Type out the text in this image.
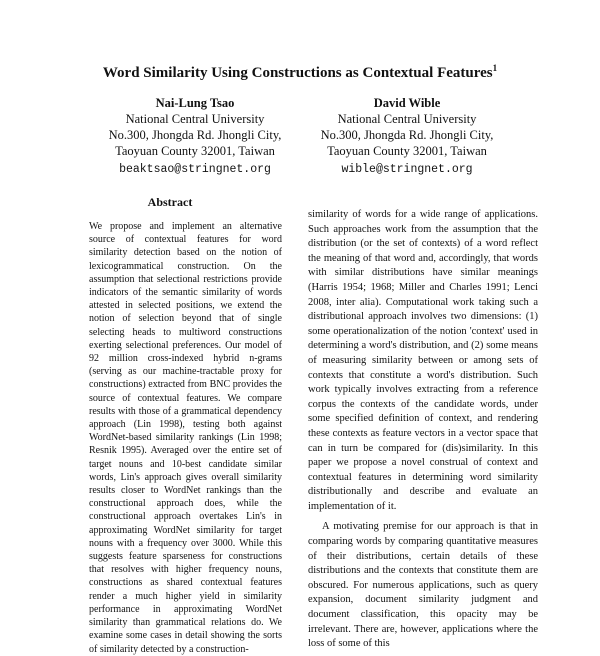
Word Similarity Using Constructions as Contextual Features$^1$
Nai-Lung Tsao
National Central University
No.300, Jhongda Rd. Jhongli City,
Taoyuan County 32001, Taiwan
beaktsao@stringnet.org
David Wible
National Central University
No.300, Jhongda Rd. Jhongli City,
Taoyuan County 32001, Taiwan
wible@stringnet.org
Abstract
We propose and implement an alternative source of contextual features for word similarity detection based on the notion of lexicogrammatical construction. On the assumption that selectional restrictions provide indicators of the semantic similarity of words attested in selected positions, we extend the notion of selection beyond that of single selecting heads to multiword constructions exerting selectional preferences. Our model of 92 million cross-indexed hybrid n-grams (serving as our machine-tractable proxy for constructions) extracted from BNC provides the source of contextual features. We compare results with those of a grammatical dependency approach (Lin 1998), testing both against WordNet-based similarity rankings (Lin 1998; Resnik 1995). Averaged over the entire set of target nouns and 10-best candidate similar words, Lin's approach gives overall similarity results closer to WordNet rankings than the constructional approach does, while the constructional approach overtakes Lin's in approximating WordNet similarity for target nouns with a frequency over 3000. While this suggests feature sparseness for constructions that resolves with higher frequency nouns, constructions as shared contextual features render a much higher yield in similarity performance in approximating WordNet similarity than grammatical relations do. We examine some cases in detail showing the sorts of similarity detected by a construction-

similarity of words for a wide range of applications. Such approaches work from the assumption that the distribution (or the set of contexts) of a word reflect the meaning of that word and, accordingly, that words with similar distributions have similar meanings (Harris 1954; 1968; Miller and Charles 1991; Lenci 2008, inter alia). Computational work taking such a distributional approach involves two dimensions: (1) some operationalization of the notion 'context' used in determining a word's distribution, and (2) some means of measuring similarity between or among sets of contexts that constitute a word's distribution. Such work typically involves extracting from a reference corpus the contexts of the candidate words, under some specified definition of context, and rendering these contexts as feature vectors in a vector space that can in turn be compared for (dis)similarity. In this paper we propose a novel construal of context and contextual features in determining word similarity distributionally and describe and evaluate an implementation of it.

A motivating premise for our approach is that in comparing words by comparing quantitative measures of their distributions, certain details of these distributions and the contexts that constitute them are obscured. For numerous applications, such as query expansion, document similarity judgment and document classification, this opacity may be irrelevant. There are, however, applications where the loss of some of this
